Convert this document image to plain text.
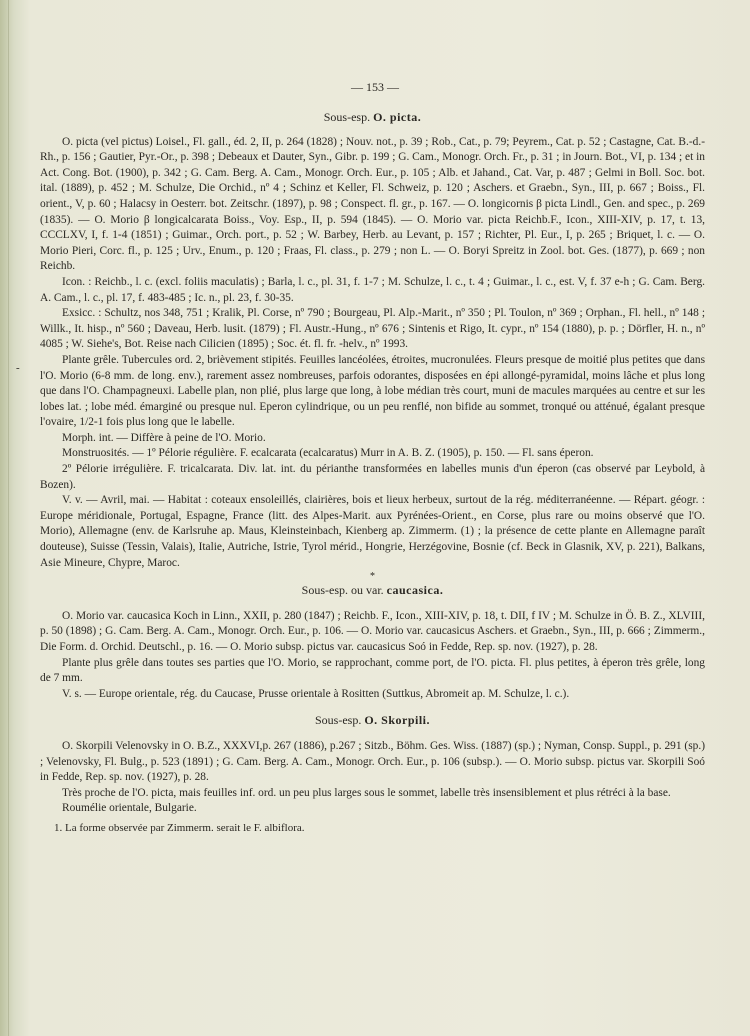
— 153 —
-

Sous-esp. O. picta.

O. picta (vel pictus) Loisel., Fl. gall., éd. 2, II, p. 264 (1828) ; Nouv. not., p. 39 ; Rob., Cat., p. 79; Peyrem., Cat. p. 52 ; Castagne, Cat. B.-d.-Rh., p. 156 ; Gautier, Pyr.-Or., p. 398 ; Debeaux et Dauter, Syn., Gibr. p. 199 ; G. Cam., Monogr. Orch. Fr., p. 31 ; in Journ. Bot., VI, p. 134 ; et in Act. Cong. Bot. (1900), p. 342 ; G. Cam. Berg. A. Cam., Monogr. Orch. Eur., p. 105 ; Alb. et Jahand., Cat. Var, p. 487 ; Gelmi in Boll. Soc. bot. ital. (1889), p. 452 ; M. Schulze, Die Orchid., nº 4 ; Schinz et Keller, Fl. Schweiz, p. 120 ; Aschers. et Graebn., Syn., III, p. 667 ; Boiss., Fl. orient., V, p. 60 ; Halacsy in Oesterr. bot. Zeitschr. (1897), p. 98 ; Conspect. fl. gr., p. 167. — O. longicornis β picta Lindl., Gen. and spec., p. 269 (1835). — O. Morio β longicalcarata Boiss., Voy. Esp., II, p. 594 (1845). — O. Morio var. picta Reichb.F., Icon., XIII-XIV, p. 17, t. 13, CCCLXV, I, f. 1-4 (1851) ; Guimar., Orch. port., p. 52 ; W. Barbey, Herb. au Levant, p. 157 ; Richter, Pl. Eur., I, p. 265 ; Briquet, l. c. — O. Morio Pieri, Corc. fl., p. 125 ; Urv., Enum., p. 120 ; Fraas, Fl. class., p. 279 ; non L. — O. Boryi Spreitz in Zool. bot. Ges. (1877), p. 669 ; non Reichb.

Icon. : Reichb., l. c. (excl. foliis maculatis) ; Barla, l. c., pl. 31, f. 1-7 ; M. Schulze, l. c., t. 4 ; Guimar., l. c., est. V, f. 37 e-h ; G. Cam. Berg. A. Cam., l. c., pl. 17, f. 483-485 ; Ic. n., pl. 23, f. 30-35.

Exsicc. : Schultz, nos 348, 751 ; Kralik, Pl. Corse, nº 790 ; Bourgeau, Pl. Alp.-Marit., nº 350 ; Pl. Toulon, nº 369 ; Orphan., Fl. hell., nº 148 ; Willk., It. hisp., nº 560 ; Daveau, Herb. lusit. (1879) ; Fl. Austr.-Hung., nº 676 ; Sintenis et Rigo, It. cypr., nº 154 (1880), p. p. ; Dörfler, H. n., nº 4085 ; W. Siehe's, Bot. Reise nach Cilicien (1895) ; Soc. ét. fl. fr. -helv., nº 1993.

Plante grêle. Tubercules ord. 2, brièvement stipités. Feuilles lancéolées, étroites, mucronulées. Fleurs presque de moitié plus petites que dans l'O. Morio (6-8 mm. de long. env.), rarement assez nombreuses, parfois odorantes, disposées en épi allongé-pyramidal, moins lâche et plus long que dans l'O. Champagneuxi. Labelle plan, non plié, plus large que long, à lobe médian très court, muni de macules marquées au centre et sur les lobes lat. ; lobe méd. émarginé ou presque nul. Eperon cylindrique, ou un peu renflé, non bifide au sommet, tronqué ou atténué, égalant presque l'ovaire, 1/2-1 fois plus long que le labelle.

Morph. int. — Diffère à peine de l'O. Morio.

Monstruosités. — 1º Pélorie régulière. F. ecalcarata (ecalcaratus) Murr in A. B. Z. (1905), p. 150. — Fl. sans éperon.

2º Pélorie irrégulière. F. tricalcarata. Div. lat. int. du périanthe transformées en labelles munis d'un éperon (cas observé par Leybold, à Bozen).

V. v. — Avril, mai. — Habitat : coteaux ensoleillés, clairières, bois et lieux herbeux, surtout de la rég. méditerranéenne. — Répart. géogr. : Europe méridionale, Portugal, Espagne, France (litt. des Alpes-Marit. aux Pyrénées-Orient., en Corse, plus rare ou moins observé que l'O. Morio), Allemagne (env. de Karlsruhe ap. Maus, Kleinsteinbach, Kienberg ap. Zimmerm. (1) ; la présence de cette plante en Allemagne paraît douteuse), Suisse (Tessin, Valais), Italie, Autriche, Istrie, Tyrol mérid., Hongrie, Herzégovine, Bosnie (cf. Beck in Glasnik, XV, p. 221), Balkans, Asie Mineure, Chypre, Maroc.

*

Sous-esp. ou var. caucasica.

O. Morio var. caucasica Koch in Linn., XXII, p. 280 (1847) ; Reichb. F., Icon., XIII-XIV, p. 18, t. DII, f IV ; M. Schulze in Ö. B. Z., XLVIII, p. 50 (1898) ; G. Cam. Berg. A. Cam., Monogr. Orch. Eur., p. 106. — O. Morio var. caucasicus Aschers. et Graebn., Syn., III, p. 666 ; Zimmerm., Die Form. d. Orchid. Deutschl., p. 16. — O. Morio subsp. pictus var. caucasicus Soó in Fedde, Rep. sp. nov. (1927), p. 28.

Plante plus grêle dans toutes ses parties que l'O. Morio, se rapprochant, comme port, de l'O. picta. Fl. plus petites, à éperon très grêle, long de 7 mm.

V. s. — Europe orientale, rég. du Caucase, Prusse orientale à Rositten (Suttkus, Abromeit ap. M. Schulze, l. c.).

Sous-esp. O. Skorpili.

O. Skorpili Velenovsky in O. B.Z., XXXVI,p. 267 (1886), p.267 ; Sitzb., Böhm. Ges. Wiss. (1887) (sp.) ; Nyman, Consp. Suppl., p. 291 (sp.) ; Velenovsky, Fl. Bulg., p. 523 (1891) ; G. Cam. Berg. A. Cam., Monogr. Orch. Eur., p. 106 (subsp.). — O. Morio subsp. pictus var. Skorpili Soó in Fedde, Rep. sp. nov. (1927), p. 28.

Très proche de l'O. picta, mais feuilles inf. ord. un peu plus larges sous le sommet, labelle très insensiblement et plus rétréci à la base.

Roumélie orientale, Bulgarie.

1. La forme observée par Zimmerm. serait le F. albiflora.
